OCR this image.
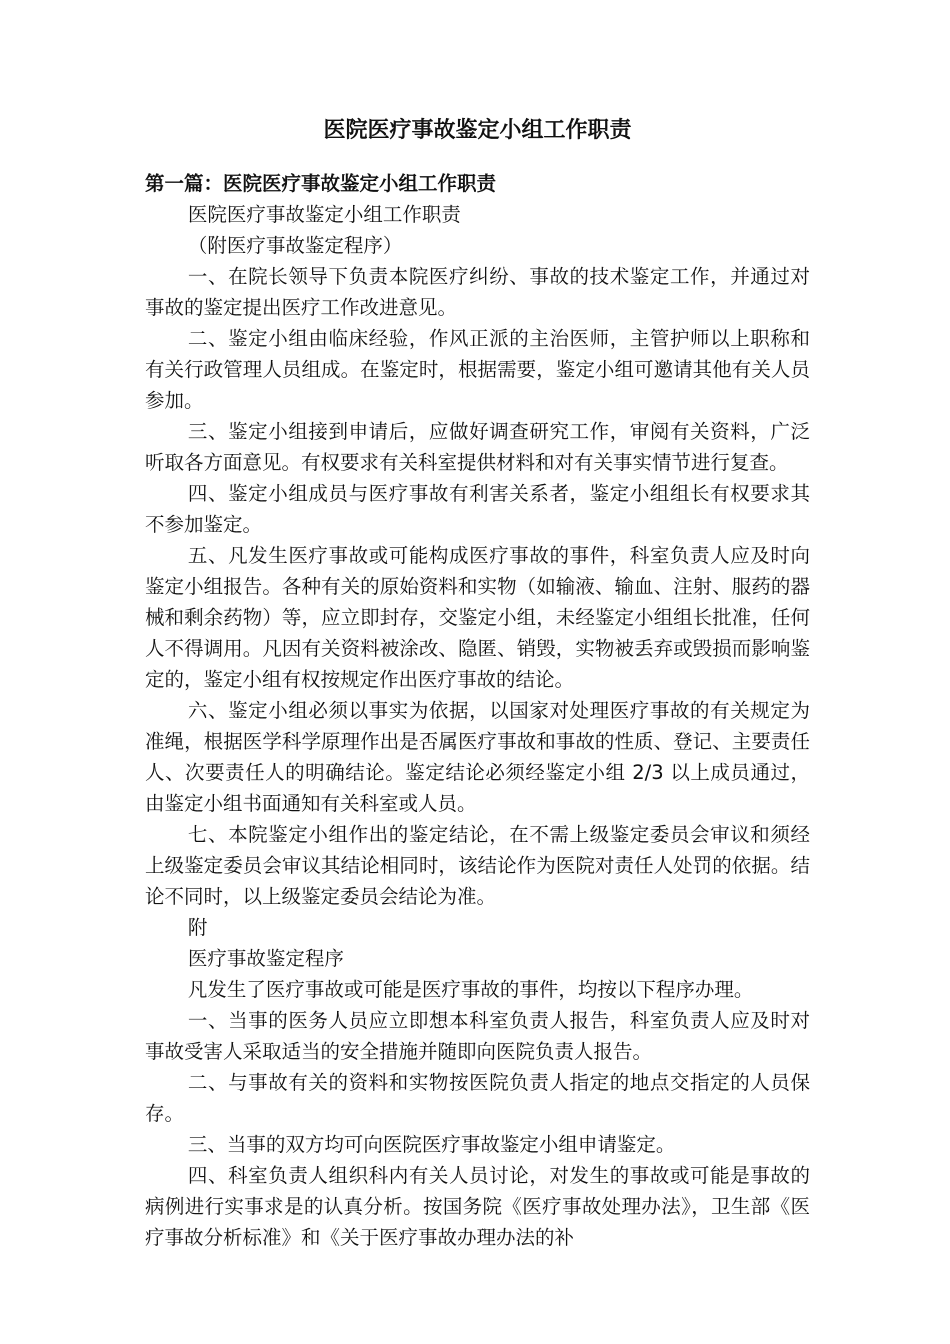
医院医疗事故鉴定小组工作职责

第一篇：医院医疗事故鉴定小组工作职责

医院医疗事故鉴定小组工作职责

（附医疗事故鉴定程序）

一、在院长领导下负责本院医疗纠纷、事故的技术鉴定工作，并通过对事故的鉴定提出医疗工作改进意见。

二、鉴定小组由临床经验，作风正派的主治医师，主管护师以上职称和有关行政管理人员组成。在鉴定时，根据需要，鉴定小组可邀请其他有关人员参加。

三、鉴定小组接到申请后，应做好调查研究工作，审阅有关资料，广泛听取各方面意见。有权要求有关科室提供材料和对有关事实情节进行复查。

四、鉴定小组成员与医疗事故有利害关系者，鉴定小组组长有权要求其不参加鉴定。

五、凡发生医疗事故或可能构成医疗事故的事件，科室负责人应及时向鉴定小组报告。各种有关的原始资料和实物（如输液、输血、注射、服药的器械和剩余药物）等，应立即封存，交鉴定小组，未经鉴定小组组长批准，任何人不得调用。凡因有关资料被涂改、隐匿、销毁，实物被丢弃或毁损而影响鉴定的，鉴定小组有权按规定作出医疗事故的结论。

六、鉴定小组必须以事实为依据，以国家对处理医疗事故的有关规定为准绳，根据医学科学原理作出是否属医疗事故和事故的性质、登记、主要责任人、次要责任人的明确结论。鉴定结论必须经鉴定小组 2/3 以上成员通过，由鉴定小组书面通知有关科室或人员。

七、本院鉴定小组作出的鉴定结论，在不需上级鉴定委员会审议和须经上级鉴定委员会审议其结论相同时，该结论作为医院对责任人处罚的依据。结论不同时，以上级鉴定委员会结论为准。

附

医疗事故鉴定程序

凡发生了医疗事故或可能是医疗事故的事件，均按以下程序办理。

一、当事的医务人员应立即想本科室负责人报告，科室负责人应及时对事故受害人采取适当的安全措施并随即向医院负责人报告。

二、与事故有关的资料和实物按医院负责人指定的地点交指定的人员保存。

三、当事的双方均可向医院医疗事故鉴定小组申请鉴定。

四、科室负责人组织科内有关人员讨论，对发生的事故或可能是事故的病例进行实事求是的认真分析。按国务院《医疗事故处理办法》，卫生部《医疗事故分析标准》和《关于医疗事故办理办法的补
